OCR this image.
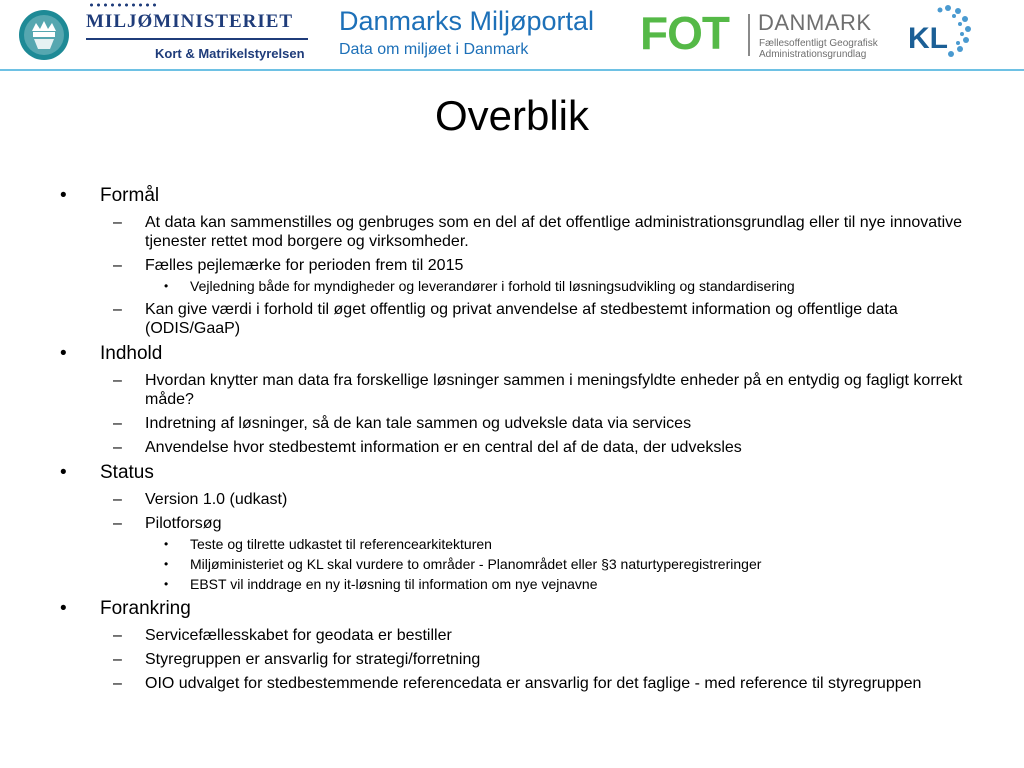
MILJØMINISTERIET
Kort & Matrikelstyrelsen
Danmarks Miljøportal
Data om miljøet i Danmark FOT DANMARK
Fællesoffentligt Geografisk
Administrationsgrundlag	KL
Overblik
• Formål
– At data kan sammenstilles og genbruges som en del af det offentlige administrationsgrundlag eller til nye innovative tjenester rettet mod borgere og virksomheder.
– Fælles pejlemærke for perioden frem til 2015
• Vejledning både for myndigheder og leverandører i forhold til løsningsudvikling og standardisering
– Kan give værdi i forhold til øget offentlig og privat anvendelse af stedbestemt information og offentlige data (ODIS/GaaP)
• Indhold
– Hvordan knytter man data fra forskellige løsninger sammen i meningsfyldte enheder på en entydig og fagligt korrekt måde?
– Indretning af løsninger, så de kan tale sammen og udveksle data via services
– Anvendelse hvor stedbestemt information er en central del af de data, der udveksles
• Status
– Version 1.0 (udkast)
– Pilotforsøg
• Teste og tilrette udkastet til referencearkitekturen
• Miljøministeriet og KL skal vurdere to områder - Planområdet eller §3 naturtyperegistreringer
• EBST vil inddrage en ny it-løsning til information om nye vejnavne
• Forankring
– Servicefællesskabet for geodata er bestiller
– Styregruppen er ansvarlig for strategi/forretning
– OIO udvalget for stedbestemmende referencedata er ansvarlig for det faglige - med reference til styregruppen
